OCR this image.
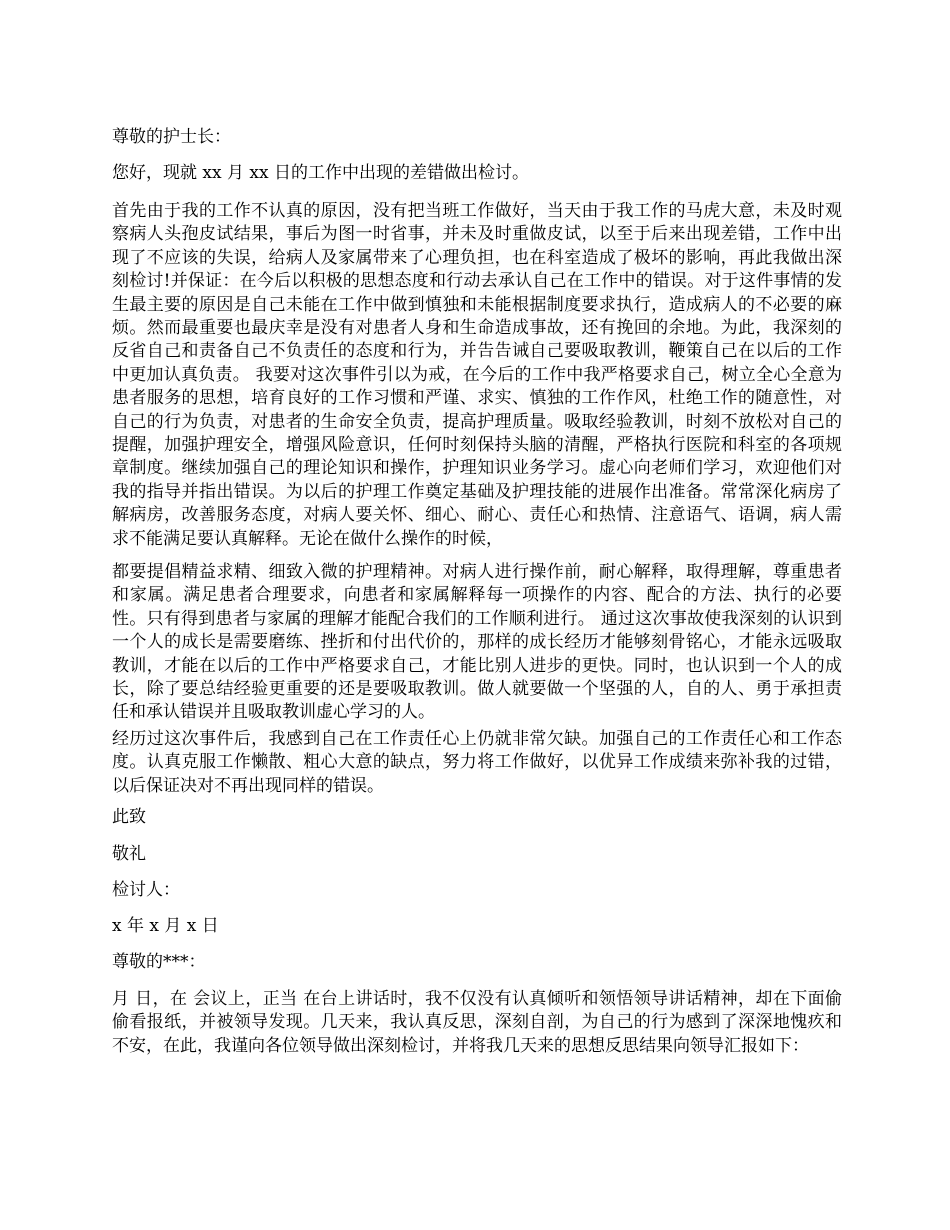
尊敬的护士长：

您好，现就 xx 月 xx 日的工作中出现的差错做出检讨。

首先由于我的工作不认真的原因，没有把当班工作做好，当天由于我工作的马虎大意，未及时观察病人头孢皮试结果，事后为图一时省事，并未及时重做皮试，以至于后来出现差错，工作中出现了不应该的失误，给病人及家属带来了心理负担，也在科室造成了极坏的影响，再此我做出深刻检讨!并保证：在今后以积极的思想态度和行动去承认自己在工作中的错误。对于这件事情的发生最主要的原因是自己未能在工作中做到慎独和未能根据制度要求执行，造成病人的不必要的麻烦。然而最重要也最庆幸是没有对患者人身和生命造成事故，还有挽回的余地。为此，我深刻的反省自己和责备自己不负责任的态度和行为，并告告诫自己要吸取教训，鞭策自己在以后的工作中更加认真负责。 我要对这次事件引以为戒，在今后的工作中我严格要求自己，树立全心全意为患者服务的思想，培育良好的工作习惯和严谨、求实、慎独的工作作风，杜绝工作的随意性，对自己的行为负责，对患者的生命安全负责，提高护理质量。吸取经验教训，时刻不放松对自己的提醒，加强护理安全，增强风险意识，任何时刻保持头脑的清醒，严格执行医院和科室的各项规章制度。继续加强自己的理论知识和操作，护理知识业务学习。虚心向老师们学习，欢迎他们对我的指导并指出错误。为以后的护理工作奠定基础及护理技能的进展作出准备。常常深化病房了解病房，改善服务态度，对病人要关怀、细心、耐心、责任心和热情、注意语气、语调，病人需求不能满足要认真解释。无论在做什么操作的时候，

都要提倡精益求精、细致入微的护理精神。对病人进行操作前，耐心解释，取得理解，尊重患者和家属。满足患者合理要求，向患者和家属解释每一项操作的内容、配合的方法、执行的必要性。只有得到患者与家属的理解才能配合我们的工作顺利进行。 通过这次事故使我深刻的认识到一个人的成长是需要磨练、挫折和付出代价的，那样的成长经历才能够刻骨铭心，才能永远吸取教训，才能在以后的工作中严格要求自己，才能比别人进步的更快。同时，也认识到一个人的成长，除了要总结经验更重要的还是要吸取教训。做人就要做一个坚强的人，自的人、勇于承担责任和承认错误并且吸取教训虚心学习的人。

经历过这次事件后，我感到自己在工作责任心上仍就非常欠缺。加强自己的工作责任心和工作态度。认真克服工作懒散、粗心大意的缺点，努力将工作做好，以优异工作成绩来弥补我的过错，以后保证决对不再出现同样的错误。

此致

敬礼

检讨人：

x 年 x 月 x 日

尊敬的***：

月 日，在 会议上，正当 在台上讲话时，我不仅没有认真倾听和领悟领导讲话精神，却在下面偷偷看报纸，并被领导发现。几天来，我认真反思，深刻自剖，为自己的行为感到了深深地愧疚和不安，在此，我谨向各位领导做出深刻检讨，并将我几天来的思想反思结果向领导汇报如下：
